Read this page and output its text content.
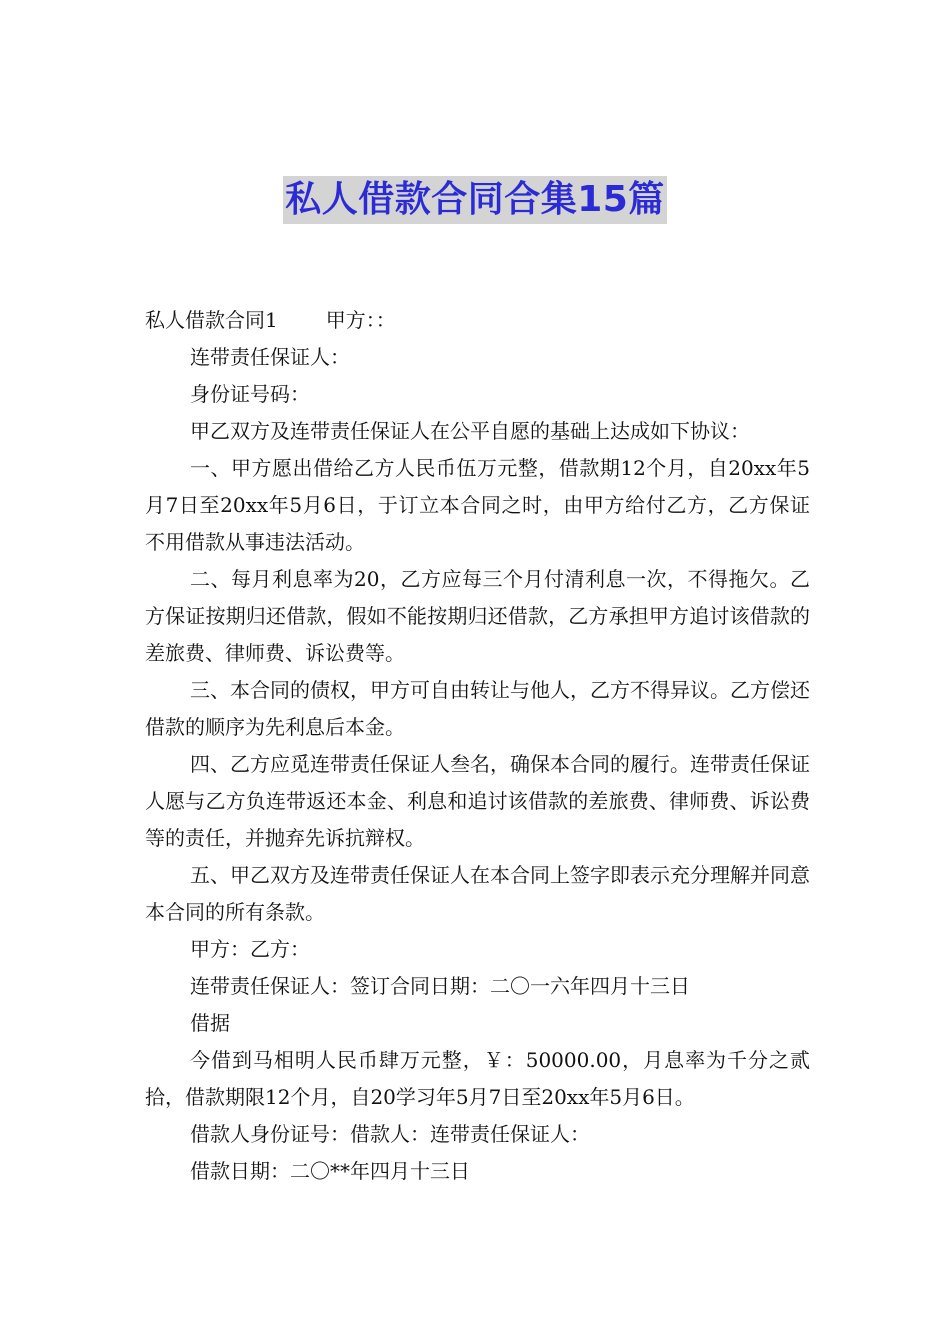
私人借款合同合集15篇

私人借款合同1 甲方：：

连带责任保证人：

身份证号码：

甲乙双方及连带责任保证人在公平自愿的基础上达成如下协议：

一、甲方愿出借给乙方人民币伍万元整，借款期12个月，自20xx年5月7日至20xx年5月6日，于订立本合同之时，由甲方给付乙方，乙方保证不用借款从事违法活动。

二、每月利息率为20，乙方应每三个月付清利息一次，不得拖欠。乙方保证按期归还借款，假如不能按期归还借款，乙方承担甲方追讨该借款的差旅费、律师费、诉讼费等。

三、本合同的债权，甲方可自由转让与他人，乙方不得异议。乙方偿还借款的顺序为先利息后本金。

四、乙方应觅连带责任保证人叁名，确保本合同的履行。连带责任保证人愿与乙方负连带返还本金、利息和追讨该借款的差旅费、律师费、诉讼费等的责任，并抛弃先诉抗辩权。

五、甲乙双方及连带责任保证人在本合同上签字即表示充分理解并同意本合同的所有条款。

甲方：乙方：

连带责任保证人：签订合同日期：二〇一六年四月十三日

借据

今借到马相明人民币肆万元整，￥：50000.00，月息率为千分之贰拾，借款期限12个月，自20学习年5月7日至20xx年5月6日。

借款人身份证号：借款人：连带责任保证人：

借款日期：二〇**年四月十三日
